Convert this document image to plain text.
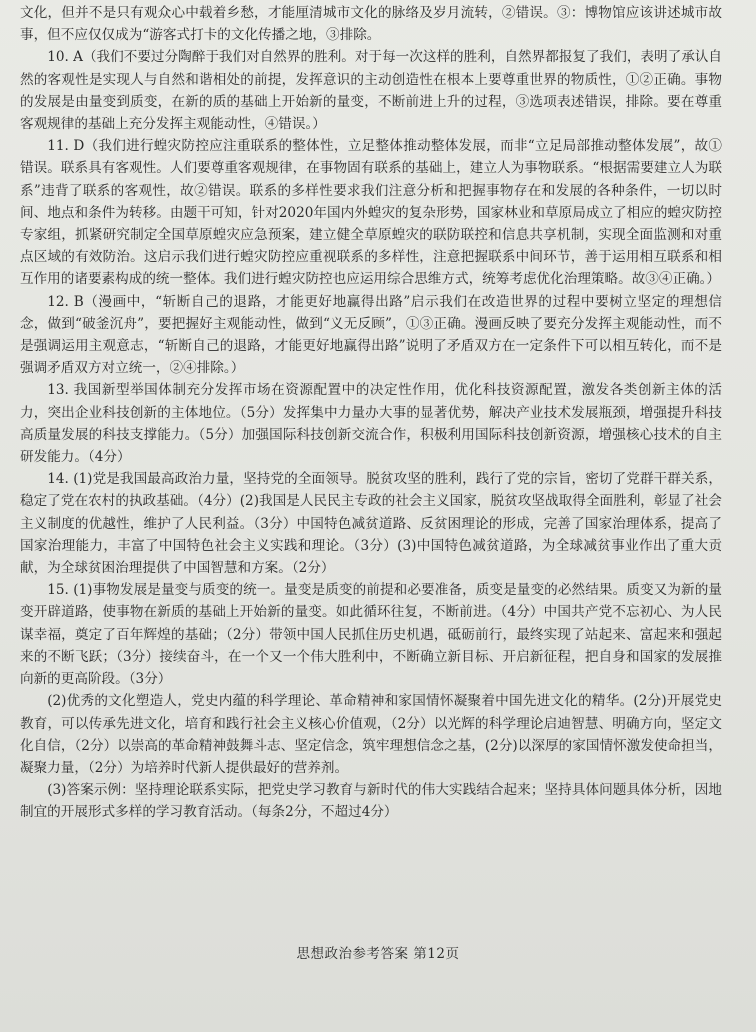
文化，但并不是只有观众心中载着乡愁，才能厘清城市文化的脉络及岁月流转，②错误。③：博物馆应该讲述城市故事，但不应仅仅成为“游客式打卡的文化传播之地，③排除。

10. A（我们不要过分陶醉于我们对自然界的胜利。对于每一次这样的胜利，自然界都报复了我们，表明了承认自然的客观性是实现人与自然和谐相处的前提，发挥意识的主动创造性在根本上要尊重世界的物质性，①②正确。事物的发展是由量变到质变，在新的质的基础上开始新的量变，不断前进上升的过程，③选项表述错误，排除。要在尊重客观规律的基础上充分发挥主观能动性，④错误。）

11. D（我们进行蝗灾防控应注重联系的整体性，立足整体推动整体发展，而非“立足局部推动整体发展”，故①错误。联系具有客观性。人们要尊重客观规律，在事物固有联系的基础上，建立人为事物联系。“根据需要建立人为联系”违背了联系的客观性，故②错误。联系的多样性要求我们注意分析和把握事物存在和发展的各种条件，一切以时间、地点和条件为转移。由题干可知，针对2020年国内外蝗灾的复杂形势，国家林业和草原局成立了相应的蝗灾防控专家组，抓紧研究制定全国草原蝗灾应急预案，建立健全草原蝗灾的联防联控和信息共享机制，实现全面监测和对重点区域的有效防治。这启示我们进行蝗灾防控应重视联系的多样性，注意把握联系中间环节，善于运用相互联系和相互作用的诸要素构成的统一整体。我们进行蝗灾防控也应运用综合思维方式，统筹考虑优化治理策略。故③④正确。）

12. B（漫画中，“斩断自己的退路，才能更好地赢得出路”启示我们在改造世界的过程中要树立坚定的理想信念，做到“破釜沉舟”，要把握好主观能动性，做到“义无反顾”，①③正确。漫画反映了要充分发挥主观能动性，而不是强调运用主观意志，“斩断自己的退路，才能更好地赢得出路”说明了矛盾双方在一定条件下可以相互转化，而不是强调矛盾双方对立统一，②④排除。）

13. 我国新型举国体制充分发挥市场在资源配置中的决定性作用，优化科技资源配置，激发各类创新主体的活力，突出企业科技创新的主体地位。（5分）发挥集中力量办大事的显著优势，解决产业技术发展瓶颈，增强提升科技高质量发展的科技支撑能力。（5分）加强国际科技创新交流合作，积极利用国际科技创新资源，增强核心技术的自主研发能力。（4分）

14. (1)党是我国最高政治力量，坚持党的全面领导。脱贫攻坚的胜利，践行了党的宗旨，密切了党群干群关系，稳定了党在农村的执政基础。（4分）(2)我国是人民民主专政的社会主义国家，脱贫攻坚战取得全面胜利，彰显了社会主义制度的优越性，维护了人民利益。（3分）中国特色减贫道路、反贫困理论的形成，完善了国家治理体系，提高了国家治理能力，丰富了中国特色社会主义实践和理论。（3分）(3)中国特色减贫道路，为全球减贫事业作出了重大贡献，为全球贫困治理提供了中国智慧和方案。（2分）

15. (1)事物发展是量变与质变的统一。量变是质变的前提和必要准备，质变是量变的必然结果。质变又为新的量变开辟道路，使事物在新质的基础上开始新的量变。如此循环往复，不断前进。（4分）中国共产党不忘初心、为人民谋幸福，奠定了百年辉煌的基础；（2分）带领中国人民抓住历史机遇，砥砺前行，最终实现了站起来、富起来和强起来的不断飞跃；（3分）接续奋斗，在一个又一个伟大胜利中，不断确立新目标、开启新征程，把自身和国家的发展推向新的更高阶段。（3分）

(2)优秀的文化塑造人，党史内蕴的科学理论、革命精神和家国情怀凝聚着中国先进文化的精华。(2分)开展党史教育，可以传承先进文化，培育和践行社会主义核心价值观，（2分）以光辉的科学理论启迪智慧、明确方向，坚定文化自信，（2分）以崇高的革命精神鼓舞斗志、坚定信念，筑牢理想信念之基，(2分)以深厚的家国情怀激发使命担当，凝聚力量，（2分）为培养时代新人提供最好的营养剂。

(3)答案示例：坚持理论联系实际，把党史学习教育与新时代的伟大实践结合起来；坚持具体问题具体分析，因地制宜的开展形式多样的学习教育活动。（每条2分，不超过4分）

思想政治参考答案 第12页
